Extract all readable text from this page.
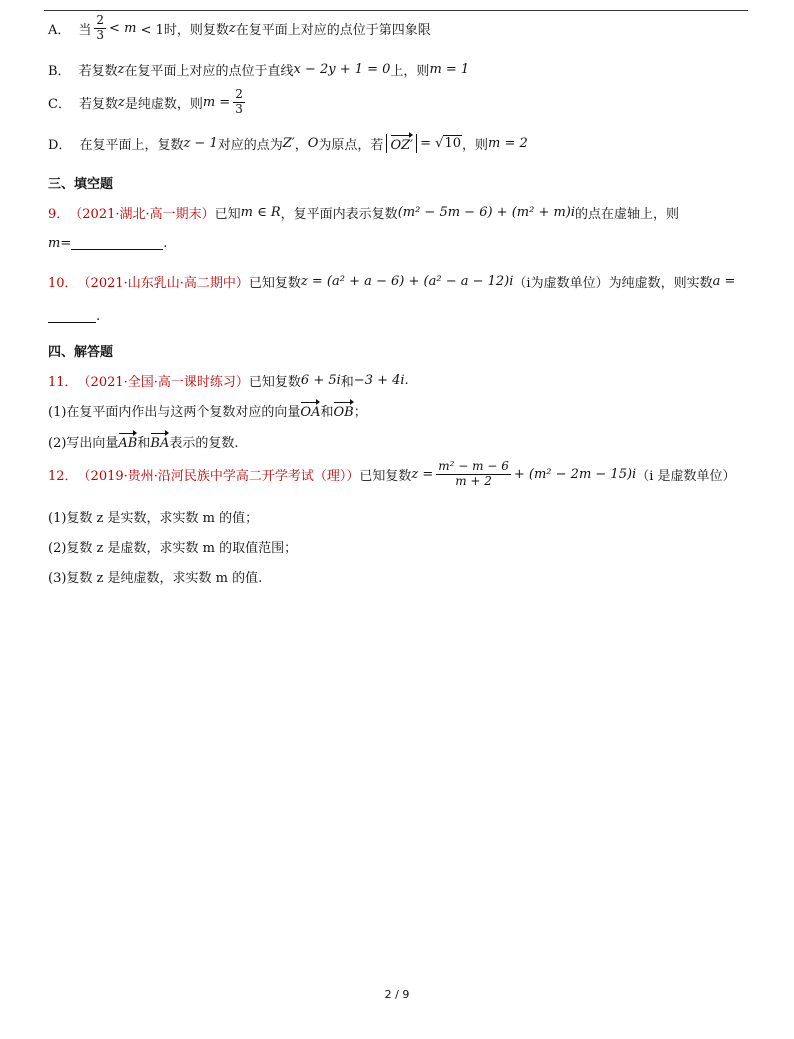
A． 当 $\frac{2}{3}$ <
m
< 1时，则复数 z 在复平面上对应的点位于第四象限
B． 若复数 z 在复平面上对应的点位于直线 x − 2y + 1 = 0 上，则 m = 1
C． 若复数 z 是纯虚数，则 $m = \frac{2}{3}$
D． 在复平面上，复数 z − 1 对应的点为 Z′ ， O 为原点，若 OZ′ =
√10 ，则 m = 2
三、填空题
9． （2021·湖北·高一期末） 已知 m ∈ R ，复平面内表示复数 (m² − 5m − 6) + (m² + m)i 的点在虚轴上，则
m=	.
10． （2021·山东乳山·高二期中） 已知复数 z = (a² + a − 6) + (a² − a − 12)i （i为虚数单位）为纯虚数，则实数 a =
.
四、解答题
11． （2021·全国·高一课时练习） 已知复数 6 + 5i 和 −3 + 4i .
(1)在复平面内作出与这两个复数对应的向量 OA 和 OB ；
(2)写出向量 AB 和 BA 表示的复数.
12． （2019·贵州·沿河民族中学高二开学考试（理）） 已知复数 $z = \frac{\text{m² − m − 6}}{m + 2} + (m^2 - 2m - 15)i$ （i 是虚数单位）
(1)复数 z 是实数，求实数 m 的值；
(2)复数 z 是虚数，求实数 m 的取值范围；
(3)复数 z 是纯虚数，求实数 m 的值.
2 / 9
